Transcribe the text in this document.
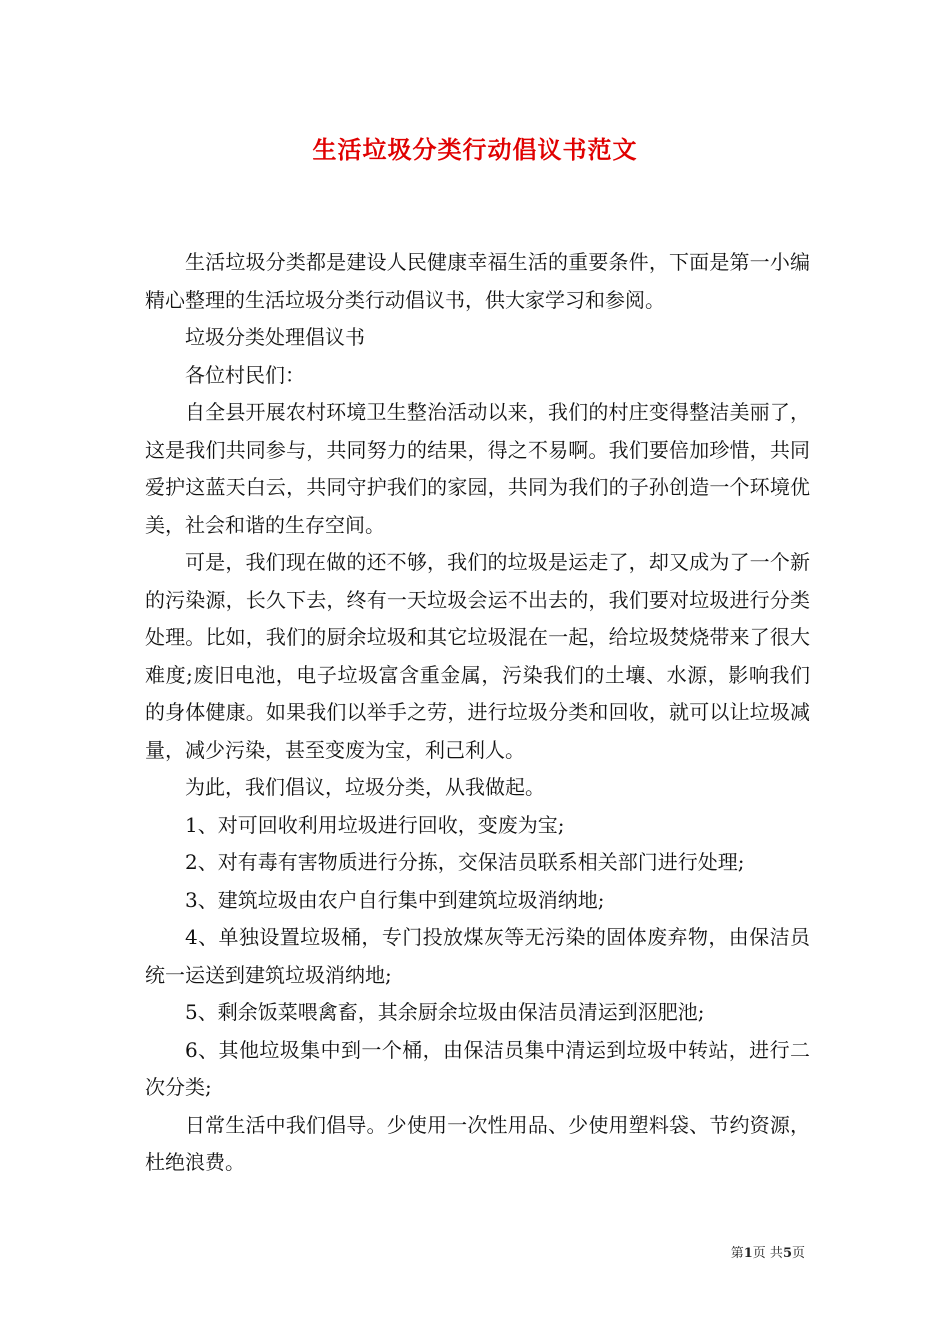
生活垃圾分类行动倡议书范文

生活垃圾分类都是建设人民健康幸福生活的重要条件，下面是第一小编精心整理的生活垃圾分类行动倡议书，供大家学习和参阅。

垃圾分类处理倡议书

各位村民们：

自全县开展农村环境卫生整治活动以来，我们的村庄变得整洁美丽了，这是我们共同参与，共同努力的结果，得之不易啊。我们要倍加珍惜，共同爱护这蓝天白云，共同守护我们的家园，共同为我们的子孙创造一个环境优美，社会和谐的生存空间。

可是，我们现在做的还不够，我们的垃圾是运走了，却又成为了一个新的污染源，长久下去，终有一天垃圾会运不出去的，我们要对垃圾进行分类处理。比如，我们的厨余垃圾和其它垃圾混在一起，给垃圾焚烧带来了很大难度;废旧电池，电子垃圾富含重金属，污染我们的土壤、水源，影响我们的身体健康。如果我们以举手之劳，进行垃圾分类和回收，就可以让垃圾减量，减少污染，甚至变废为宝，利己利人。

为此，我们倡议，垃圾分类，从我做起。

1、对可回收利用垃圾进行回收，变废为宝;

2、对有毒有害物质进行分拣，交保洁员联系相关部门进行处理;

3、建筑垃圾由农户自行集中到建筑垃圾消纳地;

4、单独设置垃圾桶，专门投放煤灰等无污染的固体废弃物，由保洁员统一运送到建筑垃圾消纳地;

5、剩余饭菜喂禽畜，其余厨余垃圾由保洁员清运到沤肥池;

6、其他垃圾集中到一个桶，由保洁员集中清运到垃圾中转站，进行二次分类;

日常生活中我们倡导。少使用一次性用品、少使用塑料袋、节约资源，杜绝浪费。

第1页 共5页
